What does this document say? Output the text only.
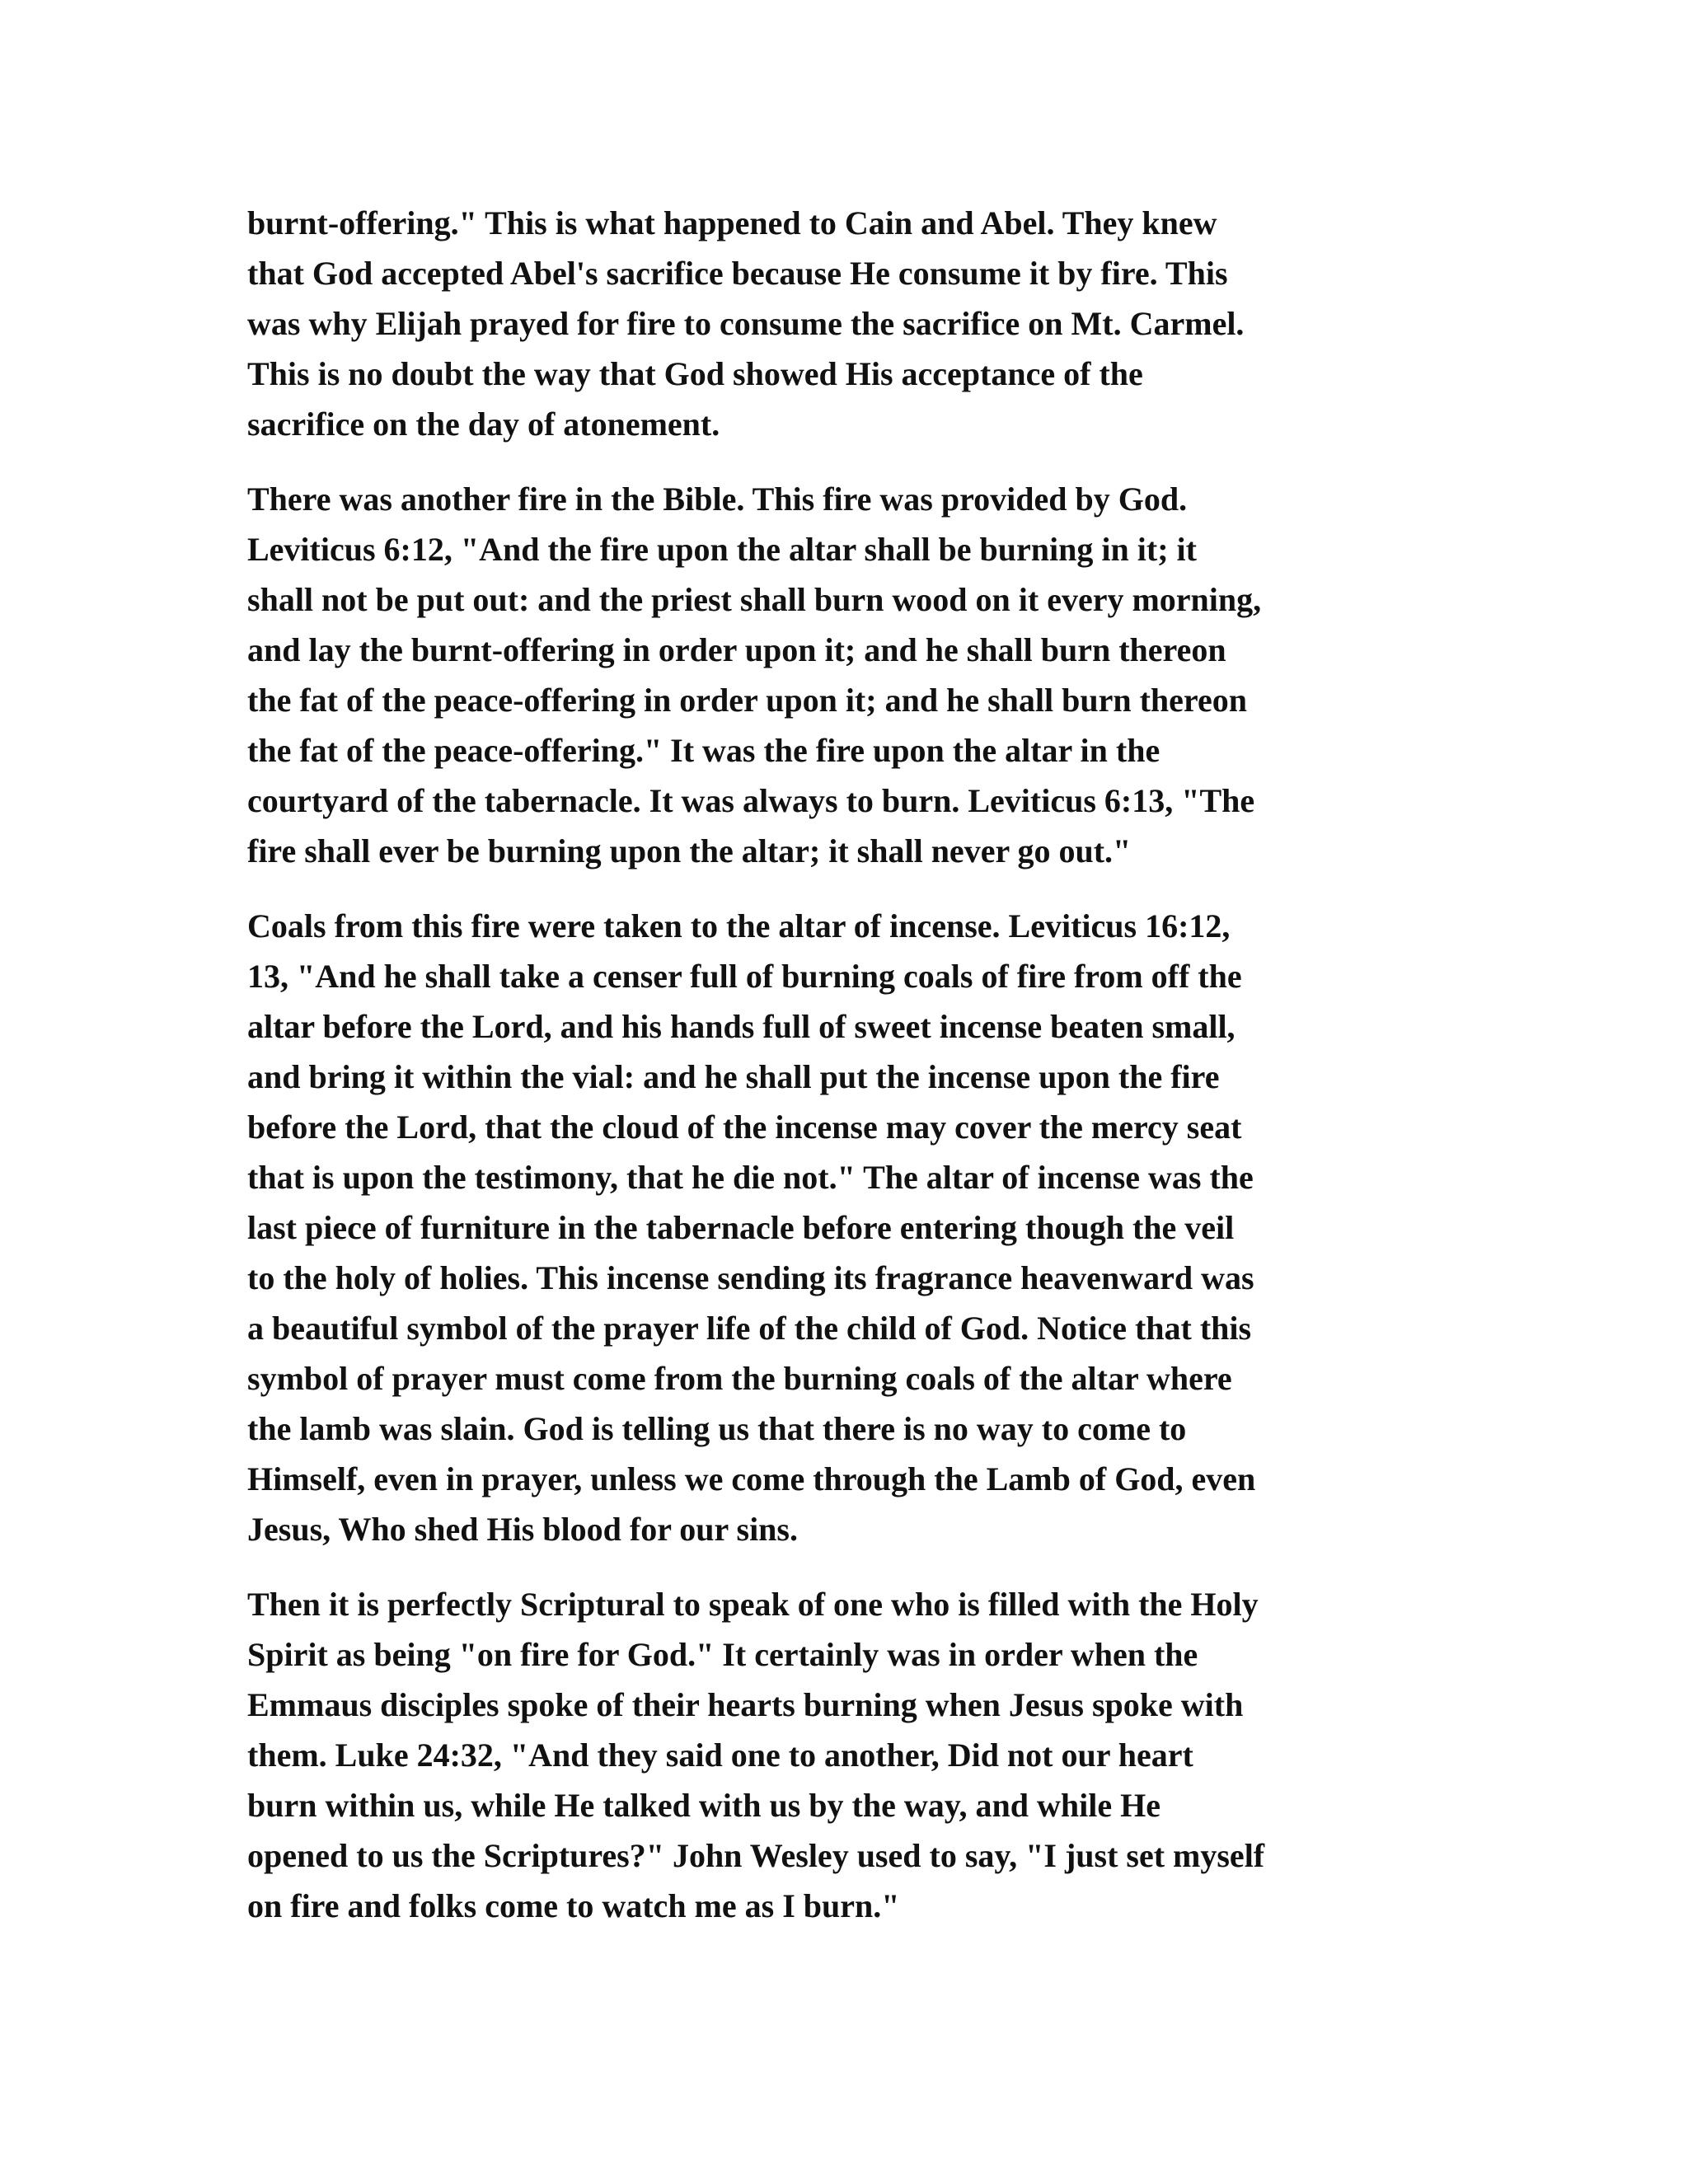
burnt-offering." This is what happened to Cain and Abel. They knew
that God accepted Abel's sacrifice because He consume it by fire. This
was why Elijah prayed for fire to consume the sacrifice on Mt. Carmel.
This is no doubt the way that God showed His acceptance of the
sacrifice on the day of atonement.

There was another fire in the Bible. This fire was provided by God.
Leviticus 6:12, "And the fire upon the altar shall be burning in it; it
shall not be put out: and the priest shall burn wood on it every morning,
and lay the burnt-offering in order upon it; and he shall burn thereon
the fat of the peace-offering in order upon it; and he shall burn thereon
the fat of the peace-offering." It was the fire upon the altar in the
courtyard of the tabernacle. It was always to burn. Leviticus 6:13, "The
fire shall ever be burning upon the altar; it shall never go out."

Coals from this fire were taken to the altar of incense. Leviticus 16:12,
13, "And he shall take a censer full of burning coals of fire from off the
altar before the Lord, and his hands full of sweet incense beaten small,
and bring it within the vial: and he shall put the incense upon the fire
before the Lord, that the cloud of the incense may cover the mercy seat
that is upon the testimony, that he die not." The altar of incense was the
last piece of furniture in the tabernacle before entering though the veil
to the holy of holies. This incense sending its fragrance heavenward was
a beautiful symbol of the prayer life of the child of God. Notice that this
symbol of prayer must come from the burning coals of the altar where
the lamb was slain. God is telling us that there is no way to come to
Himself, even in prayer, unless we come through the Lamb of God, even
Jesus, Who shed His blood for our sins.

Then it is perfectly Scriptural to speak of one who is filled with the Holy
Spirit as being "on fire for God." It certainly was in order when the
Emmaus disciples spoke of their hearts burning when Jesus spoke with
them. Luke 24:32, "And they said one to another, Did not our heart
burn within us, while He talked with us by the way, and while He
opened to us the Scriptures?" John Wesley used to say, "I just set myself
on fire and folks come to watch me as I burn."
